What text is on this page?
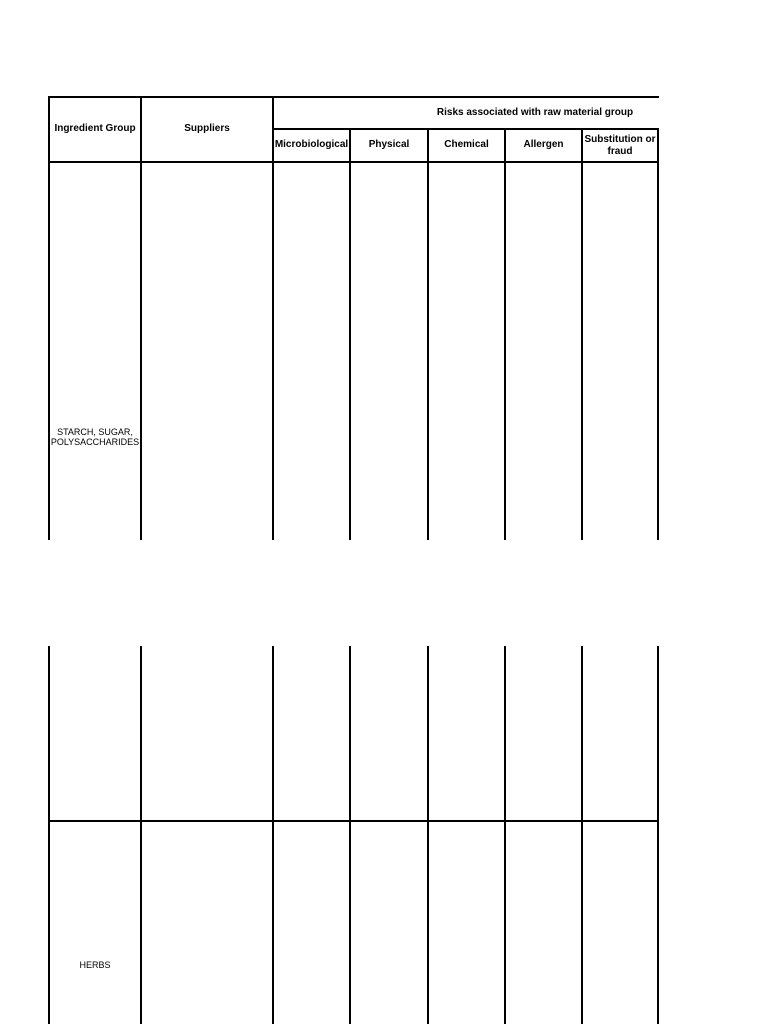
Ingredient Group	Suppliers
Risks associated with raw material group
Microbiological	Physical	Chemical	Allergen	Substitution or
fraud
STARCH, SUGAR,
POLYSACCHARIDES
HERBS
